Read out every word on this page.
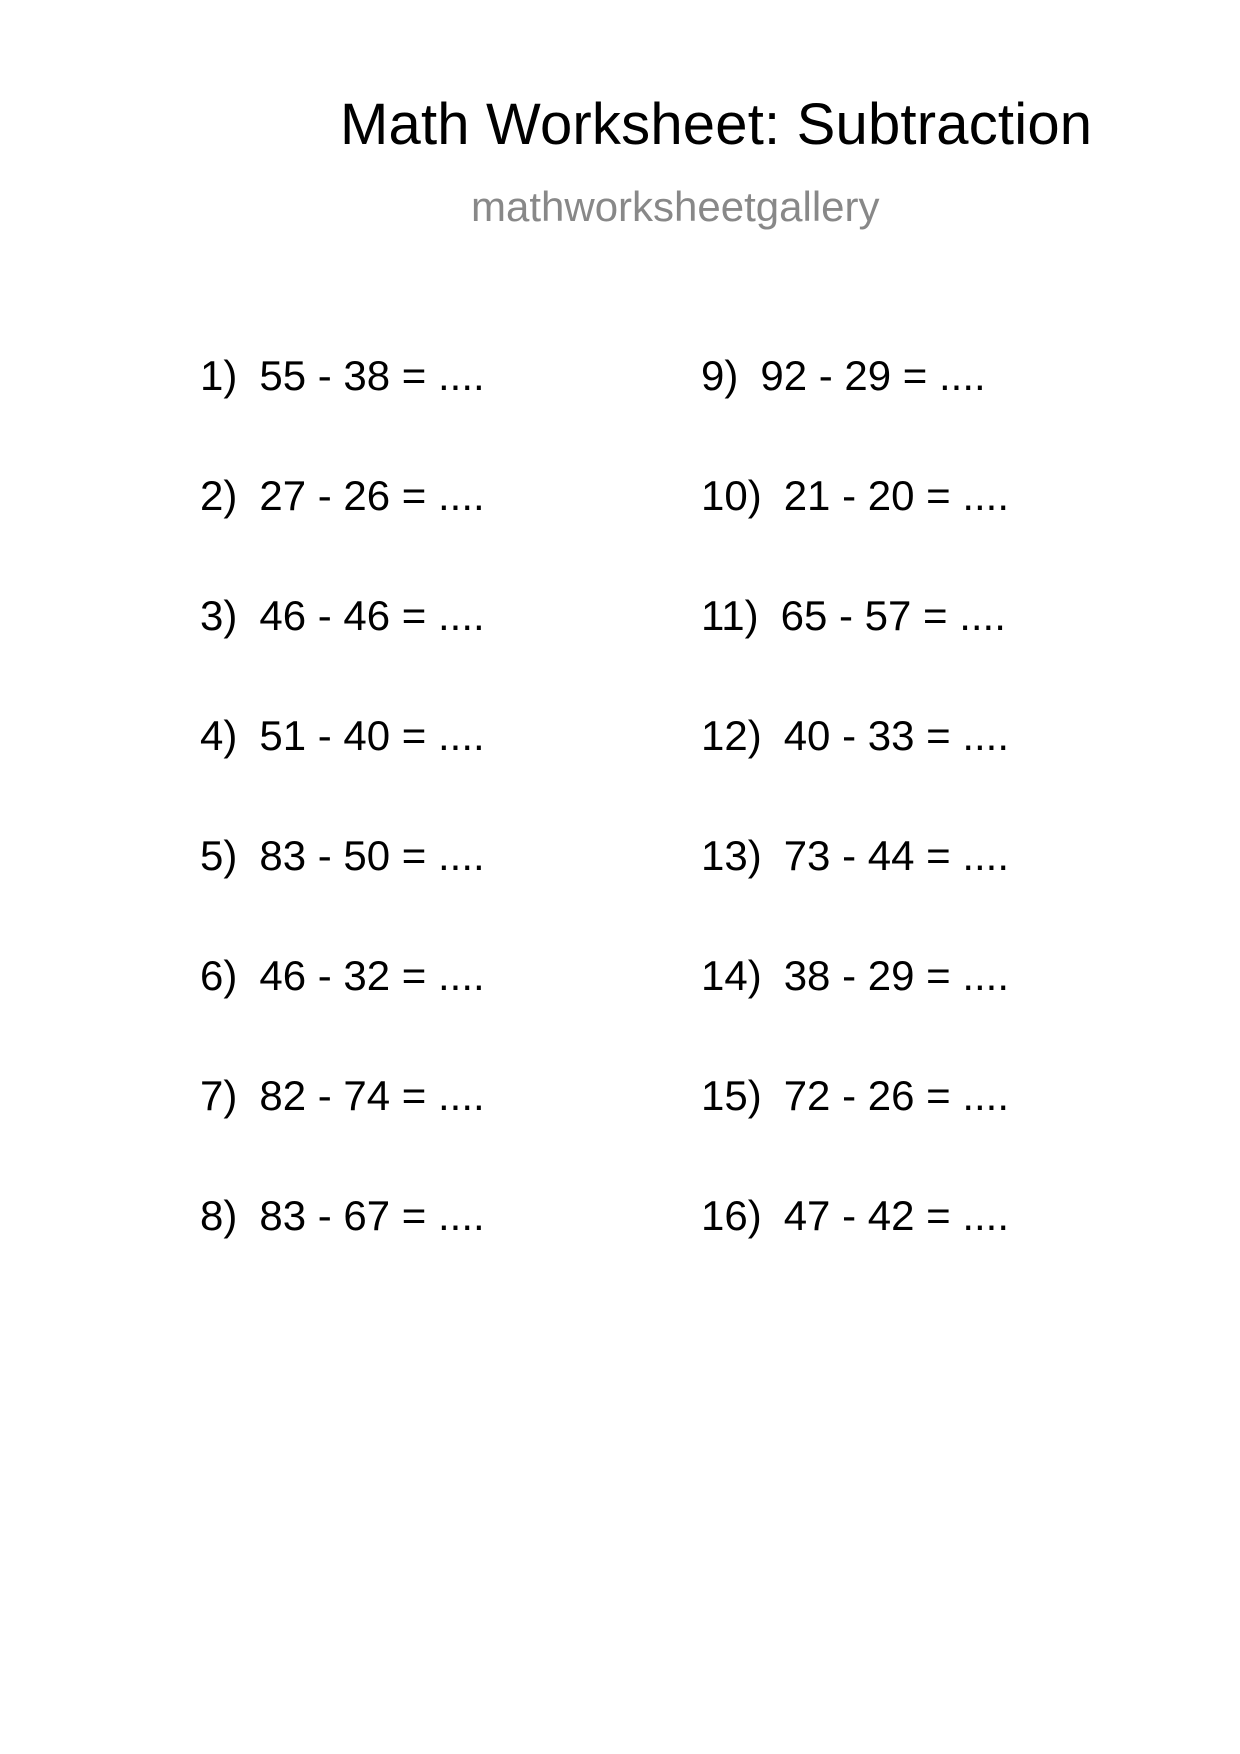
Math Worksheet: Subtraction
mathworksheetgallery
1) 55 - 38 = ....
2) 27 - 26 = ....
3) 46 - 46 = ....
4) 51 - 40 = ....
5) 83 - 50 = ....
6) 46 - 32 = ....
7) 82 - 74 = ....
8) 83 - 67 = ....
9) 92 - 29 = ....
10) 21 - 20 = ....
11) 65 - 57 = ....
12) 40 - 33 = ....
13) 73 - 44 = ....
14) 38 - 29 = ....
15) 72 - 26 = ....
16) 47 - 42 = ....
